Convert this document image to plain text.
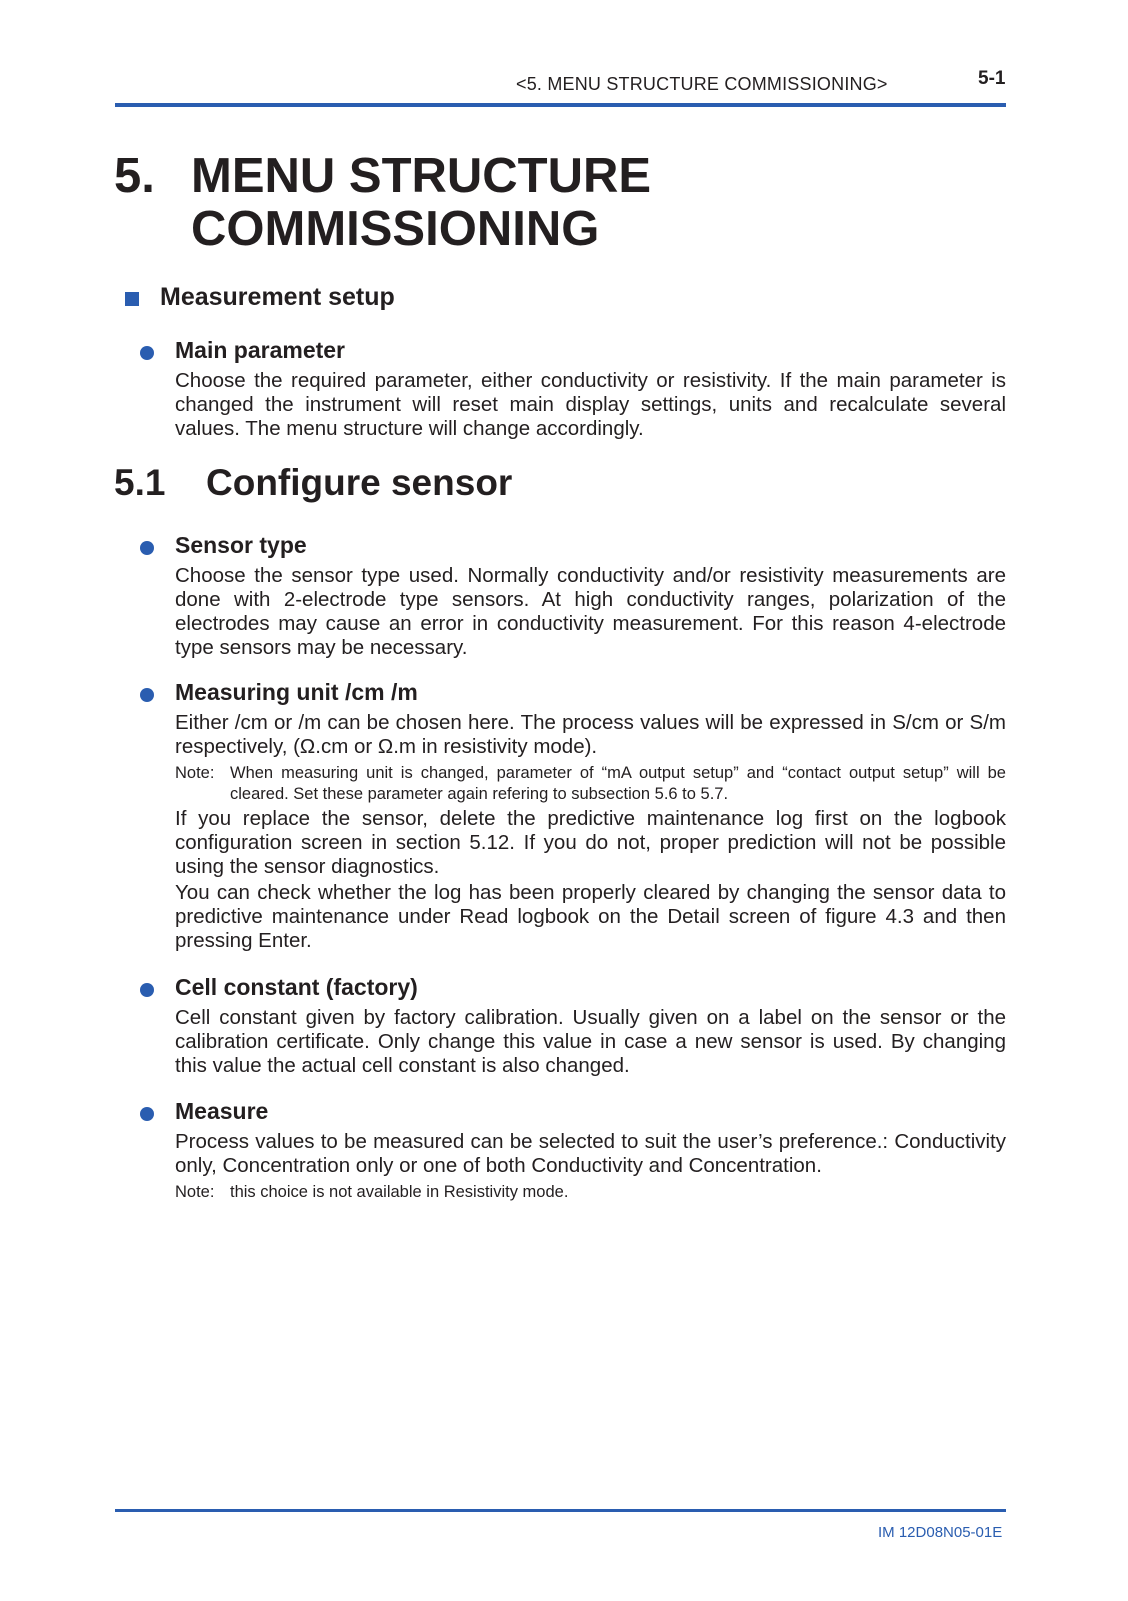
<5. MENU STRUCTURE COMMISSIONING>	5-1
5. MENU STRUCTURE
COMMISSIONING
Measurement setup
Main parameter

Choose the required parameter, either conductivity or resistivity. If the main parameter is changed the instrument will reset main display settings, units and recalculate several values. The menu structure will change accordingly.

5.1 Configure sensor
Sensor type

Choose the sensor type used. Normally conductivity and/or resistivity measurements are done with 2-electrode type sensors. At high conductivity ranges, polarization of the electrodes may cause an error in conductivity measurement. For this reason 4-electrode type sensors may be necessary.

Measuring unit /cm /m

Either /cm or /m can be chosen here. The process values will be expressed in S/cm or S/m respectively, (Ω.cm or Ω.m in resistivity mode).

Note: When measuring unit is changed, parameter of “mA output setup” and “contact output setup” will be cleared. Set these parameter again refering to subsection 5.6 to 5.7.

If you replace the sensor, delete the predictive maintenance log first on the logbook configuration screen in section 5.12. If you do not, proper prediction will not be possible using the sensor diagnostics.

You can check whether the log has been properly cleared by changing the sensor data to predictive maintenance under Read logbook on the Detail screen of figure 4.3 and then pressing Enter.

Cell constant (factory)

Cell constant given by factory calibration. Usually given on a label on the sensor or the calibration certificate. Only change this value in case a new sensor is used. By changing this value the actual cell constant is also changed.

Measure

Process values to be measured can be selected to suit the user’s preference.: Conductivity only, Concentration only or one of both Conductivity and Concentration.

Note: this choice is not available in Resistivity mode.
IM 12D08N05-01E
